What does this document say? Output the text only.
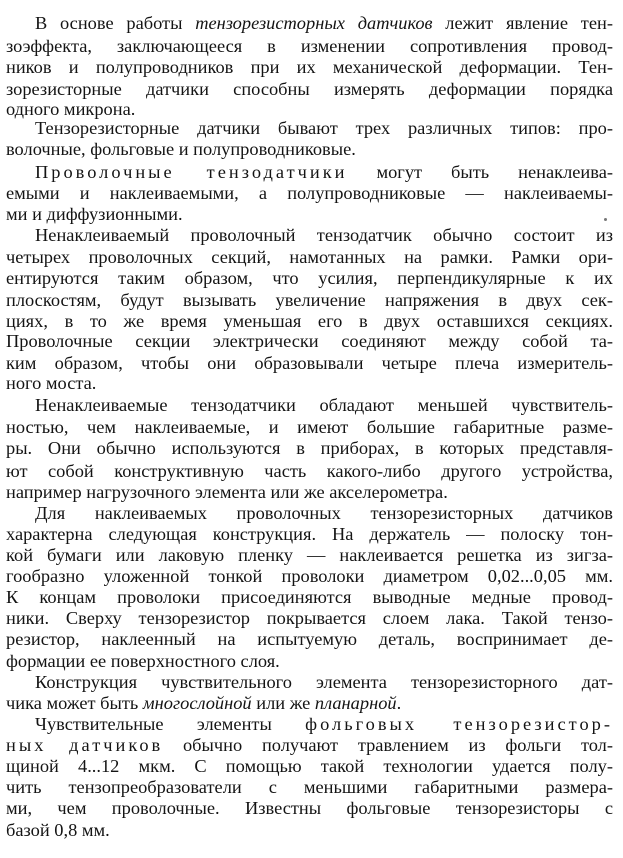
В основе работы тензорезисторных датчиков лежит явление тен-
зоэффекта, заключающееся в изменении сопротивления провод-
ников и полупроводников при их механической деформации. Тен-
зорезисторные датчики способны измерять деформации порядка
одного микрона.
Тензорезисторные датчики бывают трех различных типов: про-
волочные, фольговые и полупроводниковые.
Проволочные тензодатчики могут быть ненаклеива-
емыми и наклеиваемыми, а полупроводниковые — наклеиваемы-
ми и диффузионными.
Ненаклеиваемый проволочный тензодатчик обычно состоит из
четырех проволочных секций, намотанных на рамки. Рамки ори-
ентируются таким образом, что усилия, перпендикулярные к их
плоскостям, будут вызывать увеличение напряжения в двух сек-
циях, в то же время уменьшая его в двух оставшихся секциях.
Проволочные секции электрически соединяют между собой та-
ким образом, чтобы они образовывали четыре плеча измеритель-
ного моста.
Ненаклеиваемые тензодатчики обладают меньшей чувствитель-
ностью, чем наклеиваемые, и имеют большие габаритные разме-
ры. Они обычно используются в приборах, в которых представля-
ют собой конструктивную часть какого-либо другого устройства,
например нагрузочного элемента или же акселерометра.
Для наклеиваемых проволочных тензорезисторных датчиков
характерна следующая конструкция. На держатель — полоску тон-
кой бумаги или лаковую пленку — наклеивается решетка из зигза-
гообразно уложенной тонкой проволоки диаметром 0,02...0,05 мм.
К концам проволоки присоединяются выводные медные провод-
ники. Сверху тензорезистор покрывается слоем лака. Такой тензо-
резистор, наклеенный на испытуемую деталь, воспринимает де-
формации ее поверхностного слоя.
Конструкция чувствительного элемента тензорезисторного дат-
чика может быть многослойной или же планарной.
Чувствительные элементы фольговых тензорезистор-
ных датчиков обычно получают травлением из фольги тол-
щиной 4...12 мкм. С помощью такой технологии удается полу-
чить тензопреобразователи с меньшими габаритными размера-
ми, чем проволочные. Известны фольговые тензорезисторы с
базой 0,8 мм.
